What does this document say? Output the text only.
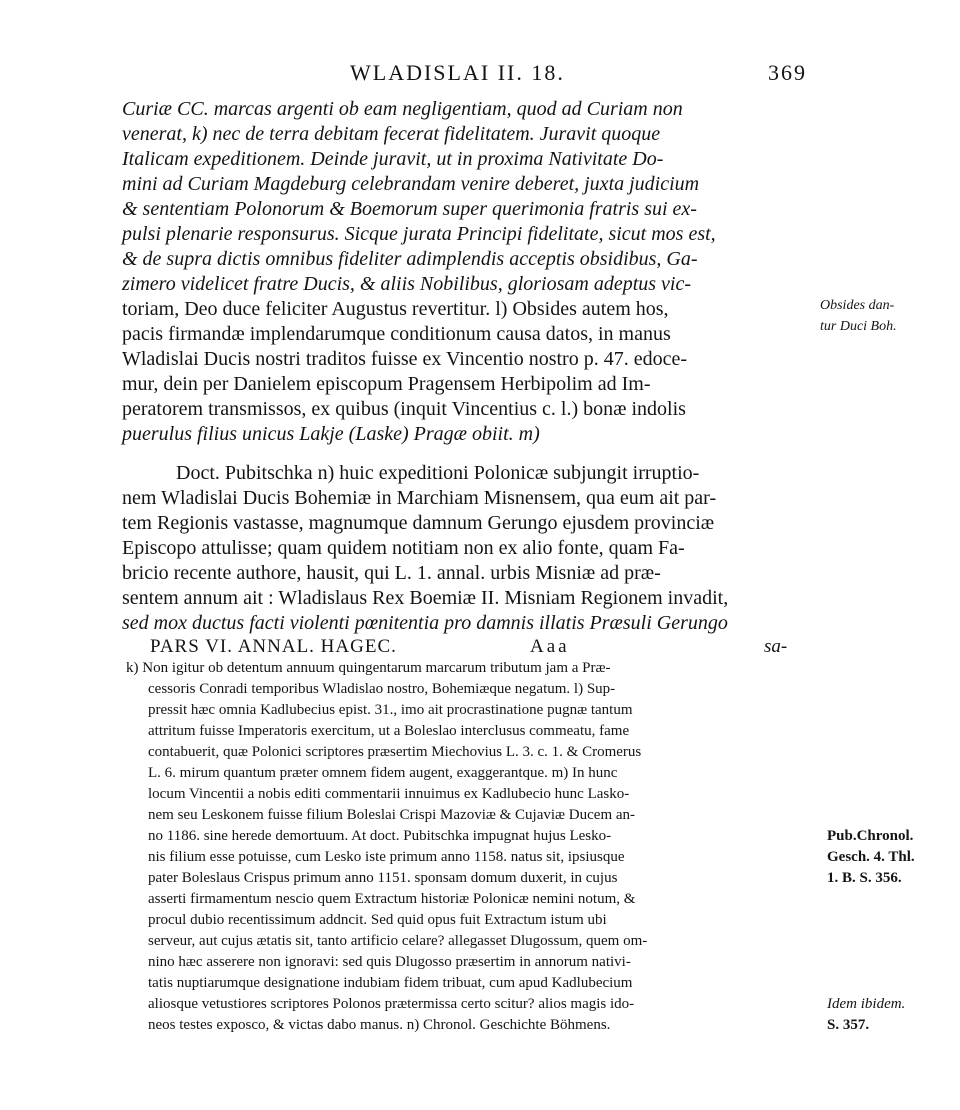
WLADISLAI II. 18.	369
Curiæ CC. marcas argenti ob eam negligentiam, quod ad Curiam non
venerat, k) nec de terra debitam fecerat fidelitatem. Juravit quoque
Italicam expeditionem. Deinde juravit, ut in proxima Nativitate Do-
mini ad Curiam Magdeburg celebrandam venire deberet, juxta judicium
& sententiam Polonorum & Boemorum super querimonia fratris sui ex-
pulsi plenarie responsurus. Sicque jurata Principi fidelitate, sicut mos est,
& de supra dictis omnibus fideliter adimplendis acceptis obsidibus, Ga-
zimero videlicet fratre Ducis, & aliis Nobilibus, gloriosam adeptus vic-
toriam, Deo duce feliciter Augustus revertitur. l) Obsides autem hos,
pacis firmandæ implendarumque conditionum causa datos, in manus
Wladislai Ducis nostri traditos fuisse ex Vincentio nostro p. 47. edoce-
mur, dein per Danielem episcopum Pragensem Herbipolim ad Im-
peratorem transmissos, ex quibus (inquit Vincentius c. l.) bonæ indolis
puerulus filius unicus Lakje (Laske) Pragæ obiit. m)
Obsides dan-
tur Duci Boh.
Doct. Pubitschka n) huic expeditioni Polonicæ subjungit irruptio-
nem Wladislai Ducis Bohemiæ in Marchiam Misnensem, qua eum ait par-
tem Regionis vastasse, magnumque damnum Gerungo ejusdem provinciæ
Episcopo attulisse; quam quidem notitiam non ex alio fonte, quam Fa-
bricio recente authore, hausit, qui L. 1. annal. urbis Misniæ ad præ-
sentem annum ait : Wladislaus Rex Boemiæ II. Misniam Regionem invadit,
sed mox ductus facti violenti pœnitentia pro damnis illatis Præsuli Gerungo
PARS VI. ANNAL. HAGEC.	Aaa	sa-
k) Non igitur ob detentum annuum quingentarum marcarum tributum jam a Præ-
cessoris Conradi temporibus Wladislao nostro, Bohemiæque negatum. l) Sup-
pressit hæc omnia Kadlubecius epist. 31., imo ait procrastinatione pugnæ tantum
attritum fuisse Imperatoris exercitum, ut a Boleslao interclusus commeatu, fame
contabuerit, quæ Polonici scriptores præsertim Miechovius L. 3. c. 1. & Cromerus
L. 6. mirum quantum præter omnem fidem augent, exaggerantque. m) In hunc
locum Vincentii a nobis editi commentarii innuimus ex Kadlubecio hunc Lasko-
nem seu Leskonem fuisse filium Boleslai Crispi Mazoviæ & Cujaviæ Ducem an-
no 1186. sine herede demortuum. At doct. Pubitschka impugnat hujus Lesko-
nis filium esse potuisse, cum Lesko iste primum anno 1158. natus sit, ipsiusque
pater Boleslaus Crispus primum anno 1151. sponsam domum duxerit, in cujus
asserti firmamentum nescio quem Extractum historiæ Polonicæ nemini notum, &
procul dubio recentissimum addncit. Sed quid opus fuit Extractum istum ubi
serveur, aut cujus ætatis sit, tanto artificio celare? allegasset Dlugossum, quem om-
nino hæc asserere non ignoravi: sed quis Dlugosso præsertim in annorum nativi-
tatis nuptiarumque designatione indubiam fidem tribuat, cum apud Kadlubecium
aliosque vetustiores scriptores Polonos prætermissa certo scitur? alios magis ido-
neos testes exposco, & victas dabo manus. n) Chronol. Geschichte Böhmens.
Pub.Chronol.
Gesch. 4. Thl.
1. B. S. 356.
Idem ibidem.
S. 357.
